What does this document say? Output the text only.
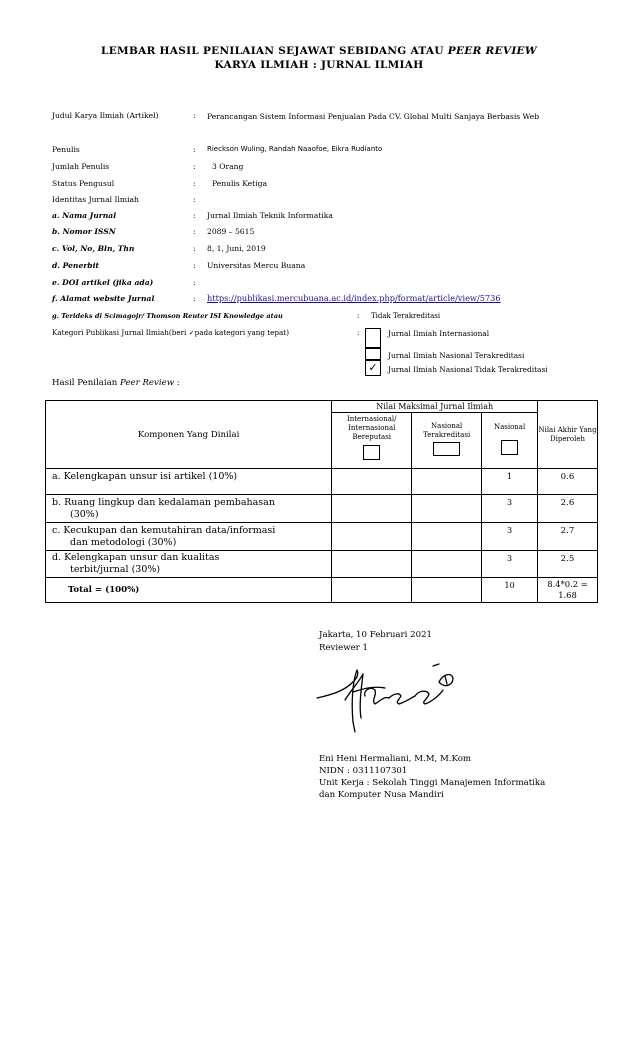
LEMBAR HASIL PENILAIAN SEJAWAT SEBIDANG ATAU PEER REVIEW
KARYA ILMIAH : JURNAL ILMIAH
Judul Karya Ilmiah (Artikel)	: Perancangan Sistem Informasi Penjualan Pada CV. Global Multi Sanjaya Berbasis Web
Penulis	: Rieckson Wuling, Randah Naaofoe, Eikra Rudianto
Jumlah Penulis	: 3 Orang
Status Pengusul	: Penulis Ketiga
Identitas Jurnal Ilmiah	:
a. Nama Jurnal	: Jurnal Ilmiah Teknik Informatika
b. Nomor ISSN	: 2089 – 5615
c. Vol, No, Bln, Thn	: 8, 1, Juni, 2019
d. Penerbit	: Universitas Mercu Buana
e. DOI artikel (jika ada)	:
f. Alamat website Jurnal	: https://publikasi.mercubuana.ac.id/index.php/format/article/view/5736
g. Terideks di Scimagojr/ Thomson Reuter ISI Knowledge atau	: Tidak Terakreditasi
Kategori Publikasi Jurnal Ilmiah(beri ✓pada kategori yang tepat)	:	Jurnal Ilmiah Internasional
Jurnal Ilmiah Nasional Terakreditasi
✓	Jurnal Ilmiah Nasional Tidak Terakreditasi
Hasil Penilaian Peer Review :
Komponen Yang Dinilai	Nilai Maksimal Jurnal Ilmiah			Nilai Akhir Yang Diperoleh

	Internasional/ Internasional Bereputasi	Nasional Terakreditasi	Nasional	

a. Kelengkapan unsur isi artikel (10%)			1	0.6

b. Ruang lingkup dan kedalaman pembahasan
(30%)			3	2.6

c. Kecukupan dan kemutahiran data/informasi
dan metodologi (30%)			3	2.7

d. Kelengkapan unsur dan kualitas
terbit/jurnal (30%)			3	2.5
Total = (100%)			10	8.4*0.2 =
1.68
Jakarta, 10 Februari 2021
Reviewer 1
Eni Heni Hermaliani, M.M, M.Kom
NIDN : 0311107301
Unit Kerja : Sekolah Tinggi Manajemen Informatika
dan Komputer Nusa Mandiri
